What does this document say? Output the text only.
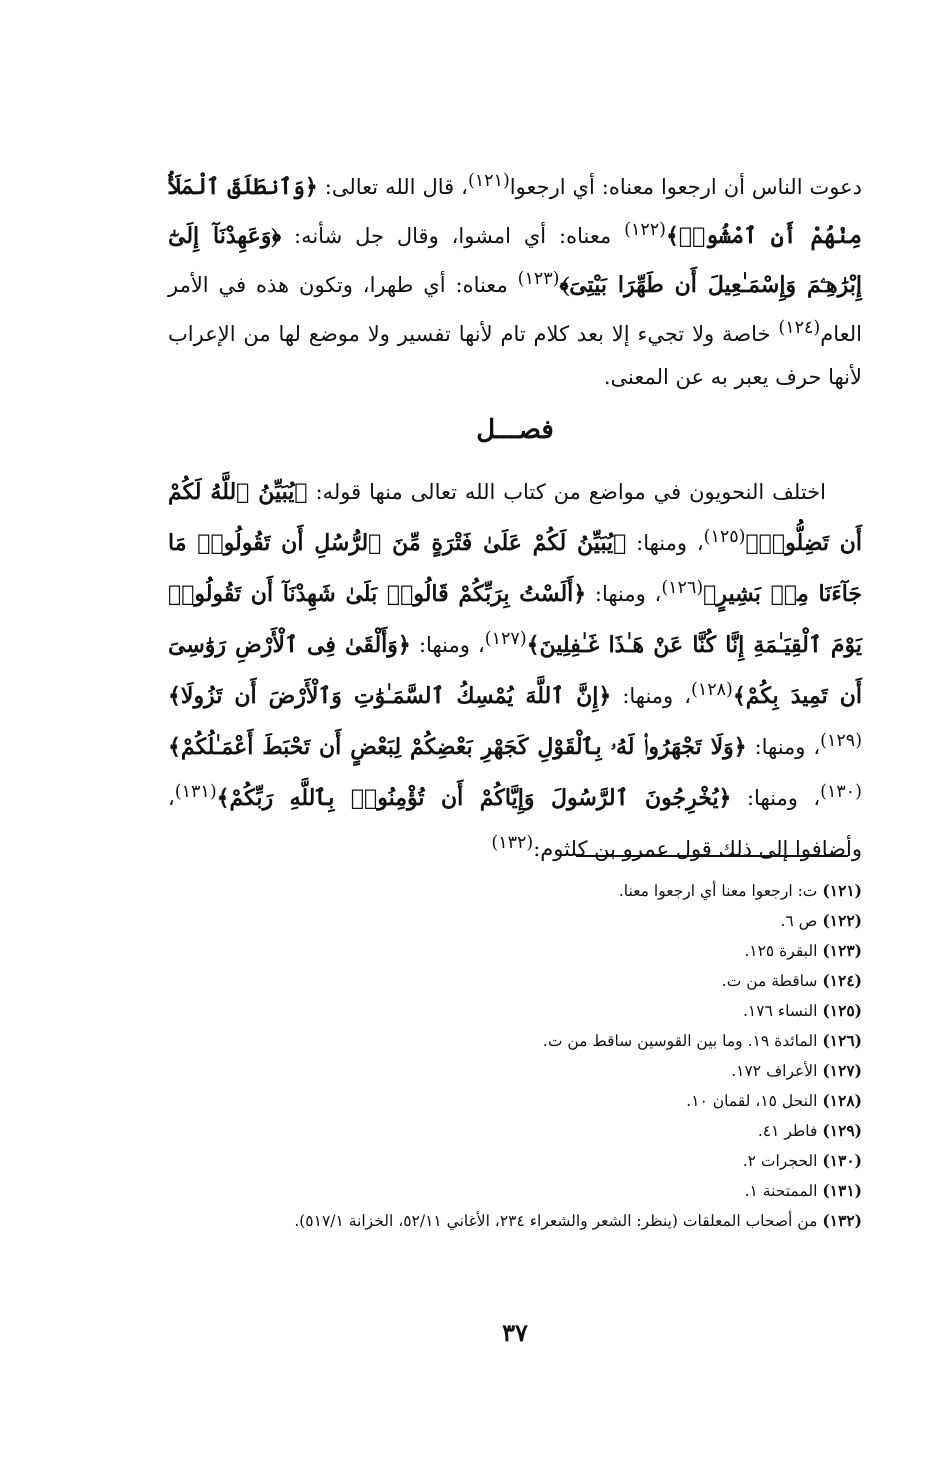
دعوت الناس أن ارجعوا معناه: أي ارجعوا$^{(١٢١)}$، قال الله تعالى: ﴿وَٱنطَلَقَ ٱلْمَلَأُ مِنْهُمْ أَنِ ٱمْشُوا۟﴾$^{(١٢٢)}$ معناه: أي امشوا، وقال جل شأنه: ﴿وَعَهِدْنَآ إِلَىٰٓ إِبْرَٰهِـۧمَ وَإِسْمَـٰعِيلَ أَن طَهِّرَا بَيْتِىَ﴾$^{(١٢٣)}$ معناه: أي طهرا، وتكون هذه في الأمر العام$^{(١٢٤)}$ خاصة ولا تجيء إلا بعد كلام تام لأنها تفسير ولا موضع لها من الإعراب لأنها حرف يعبر به عن المعنى.

فصـــل

اختلف النحويون في مواضع من كتاب الله تعالى منها قوله: ﴿يُبَيِّنُ ٱللَّهُ لَكُمْ أَن تَضِلُّوا۟﴾$^{(١٢٥)}$، ومنها: ﴿يُبَيِّنُ لَكُمْ عَلَىٰ فَتْرَةٍ مِّنَ ٱلرُّسُلِ أَن تَقُولُوا۟ مَا جَآءَنَا مِنۢ بَشِيرٍ﴾$^{(١٢٦)}$، ومنها: ﴿أَلَسْتُ بِرَبِّكُمْ قَالُوا۟ بَلَىٰ شَهِدْنَآ أَن تَقُولُوا۟ يَوْمَ ٱلْقِيَـٰمَةِ إِنَّا كُنَّا عَنْ هَـٰذَا غَـٰفِلِينَ﴾$^{(١٢٧)}$، ومنها: ﴿وَأَلْقَىٰ فِى ٱلْأَرْضِ رَوَٰسِىَ أَن تَمِيدَ بِكُمْ﴾$^{(١٢٨)}$، ومنها: ﴿إِنَّ ٱللَّهَ يُمْسِكُ ٱلسَّمَـٰوَٰتِ وَٱلْأَرْضَ أَن تَزُولَا﴾$^{(١٢٩)}$، ومنها: ﴿وَلَا تَجْهَرُوا۟ لَهُۥ بِٱلْقَوْلِ كَجَهْرِ بَعْضِكُمْ لِبَعْضٍ أَن تَحْبَطَ أَعْمَـٰلُكُمْ﴾$^{(١٣٠)}$، ومنها: ﴿يُخْرِجُونَ ٱلرَّسُولَ وَإِيَّاكُمْ أَن تُؤْمِنُوا۟ بِٱللَّهِ رَبِّكُمْ﴾$^{(١٣١)}$، وأضافوا إلى ذلك قول عمرو بن كلثوم:$^{(١٣٢)}$

(١٢١) ت: ارجعوا معنا أي ارجعوا معنا.
(١٢٢) ص ٦.
(١٢٣) البقرة ١٢٥.
(١٢٤) ساقطة من ت.
(١٢٥) النساء ١٧٦.
(١٢٦) المائدة ١٩. وما بين القوسين ساقط من ت.
(١٢٧) الأعراف ١٧٢.
(١٢٨) النحل ١٥، لقمان ١٠.
(١٢٩) فاطر ٤١.
(١٣٠) الحجرات ٢.
(١٣١) الممتحنة ١.
(١٣٢) من أصحاب المعلقات (ينظر: الشعر والشعراء ٢٣٤، الأغاني ٥٢/١١، الخزانة ٥١٧/١).
٣٧
